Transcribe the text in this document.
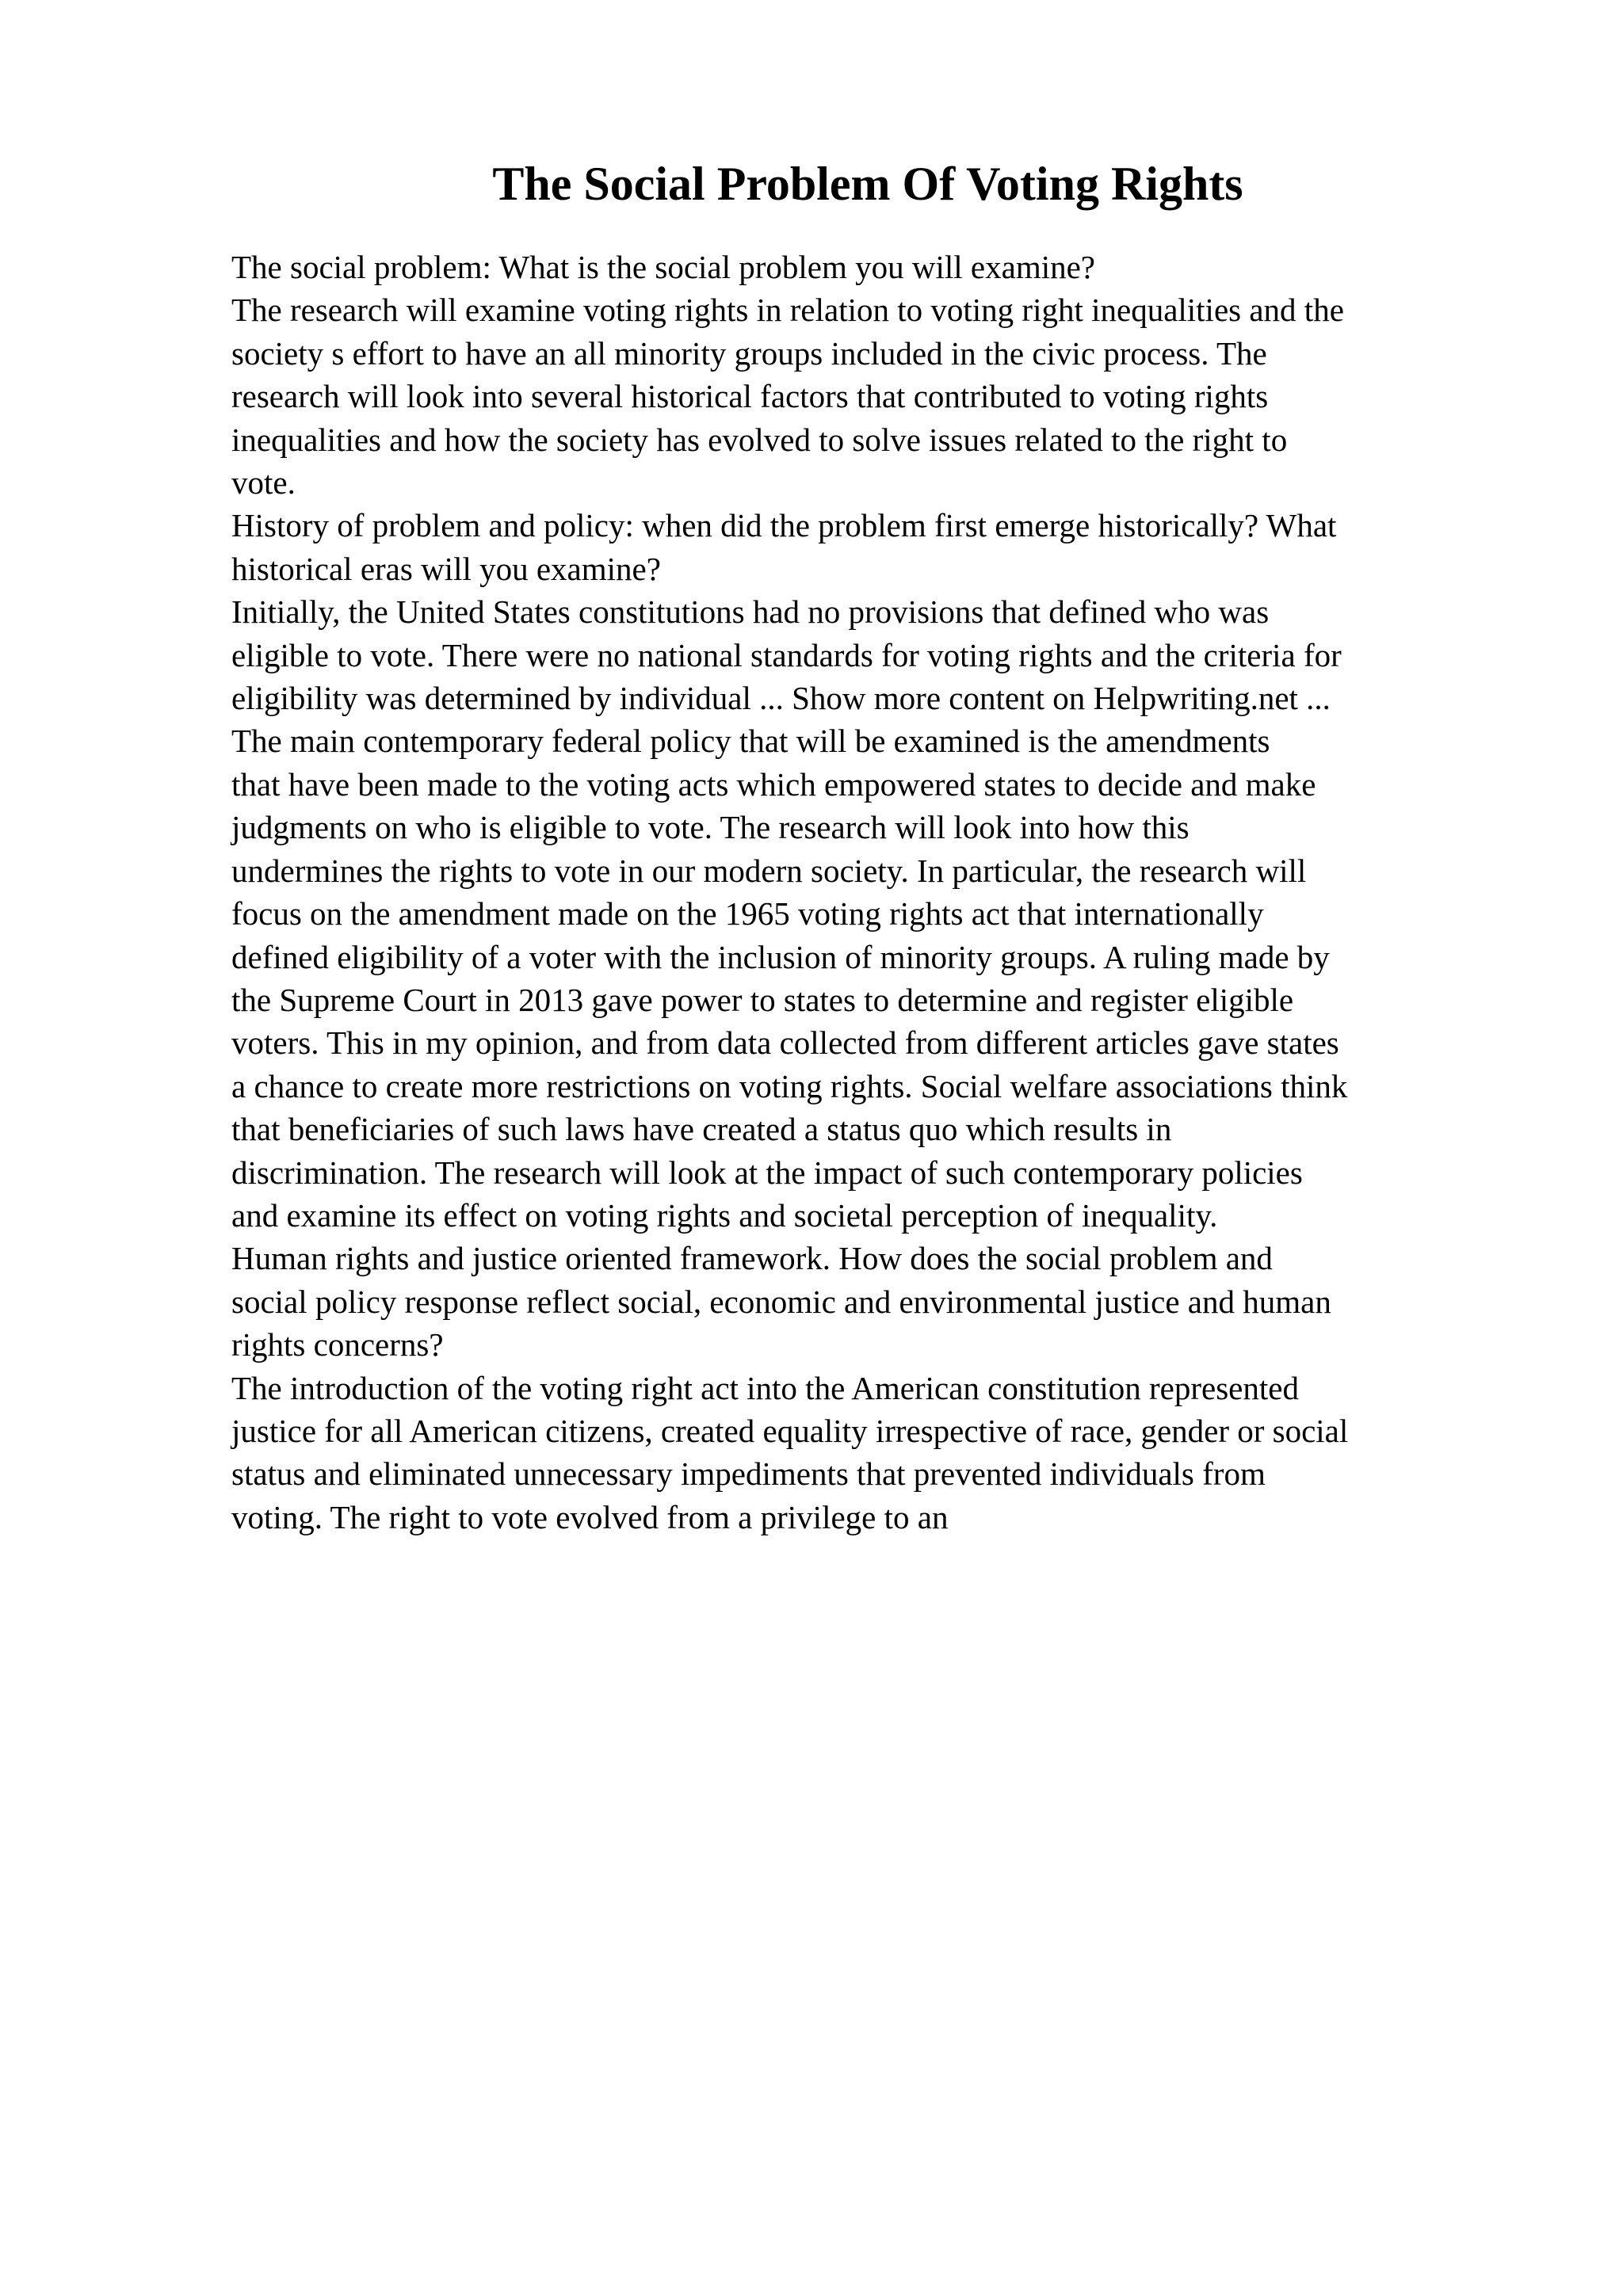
The Social Problem Of Voting Rights
The social problem: What is the social problem you will examine?
The research will examine voting rights in relation to voting right inequalities and the
society s effort to have an all minority groups included in the civic process. The
research will look into several historical factors that contributed to voting rights
inequalities and how the society has evolved to solve issues related to the right to
vote.
History of problem and policy: when did the problem first emerge historically? What
historical eras will you examine?
Initially, the United States constitutions had no provisions that defined who was
eligible to vote. There were no national standards for voting rights and the criteria for
eligibility was determined by individual ... Show more content on Helpwriting.net ...
The main contemporary federal policy that will be examined is the amendments
that have been made to the voting acts which empowered states to decide and make
judgments on who is eligible to vote. The research will look into how this
undermines the rights to vote in our modern society. In particular, the research will
focus on the amendment made on the 1965 voting rights act that internationally
defined eligibility of a voter with the inclusion of minority groups. A ruling made by
the Supreme Court in 2013 gave power to states to determine and register eligible
voters. This in my opinion, and from data collected from different articles gave states
a chance to create more restrictions on voting rights. Social welfare associations think
that beneficiaries of such laws have created a status quo which results in
discrimination. The research will look at the impact of such contemporary policies
and examine its effect on voting rights and societal perception of inequality.
Human rights and justice oriented framework. How does the social problem and
social policy response reflect social, economic and environmental justice and human
rights concerns?
The introduction of the voting right act into the American constitution represented
justice for all American citizens, created equality irrespective of race, gender or social
status and eliminated unnecessary impediments that prevented individuals from
voting. The right to vote evolved from a privilege to an
